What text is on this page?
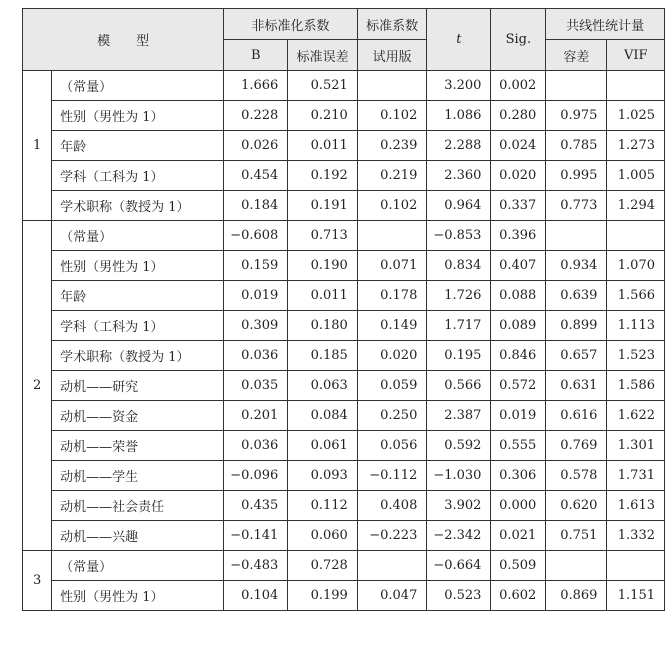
模　　型		非标准化系数		标准系数	t	Sig.	共线性统计量	
		B	标准误差	试用版			容差	VIF
1	（常量）	1.666	0.521		3.200	0.002		
	性别（男性为 1）	0.228	0.210	0.102	1.086	0.280	0.975	1.025
	年龄	0.026	0.011	0.239	2.288	0.024	0.785	1.273
	学科（工科为 1）	0.454	0.192	0.219	2.360	0.020	0.995	1.005
	学术职称（教授为 1）	0.184	0.191	0.102	0.964	0.337	0.773	1.294
2	（常量）	−0.608	0.713		−0.853	0.396		
	性别（男性为 1）	0.159	0.190	0.071	0.834	0.407	0.934	1.070
	年龄	0.019	0.011	0.178	1.726	0.088	0.639	1.566
	学科（工科为 1）	0.309	0.180	0.149	1.717	0.089	0.899	1.113
	学术职称（教授为 1）	0.036	0.185	0.020	0.195	0.846	0.657	1.523
	动机——研究	0.035	0.063	0.059	0.566	0.572	0.631	1.586
	动机——资金	0.201	0.084	0.250	2.387	0.019	0.616	1.622
	动机——荣誉	0.036	0.061	0.056	0.592	0.555	0.769	1.301
	动机——学生	−0.096	0.093	−0.112	−1.030	0.306	0.578	1.731
	动机——社会责任	0.435	0.112	0.408	3.902	0.000	0.620	1.613
	动机——兴趣	−0.141	0.060	−0.223	−2.342	0.021	0.751	1.332
3	（常量）	−0.483	0.728		−0.664	0.509		
	性别（男性为 1）	0.104	0.199	0.047	0.523	0.602	0.869	1.151
